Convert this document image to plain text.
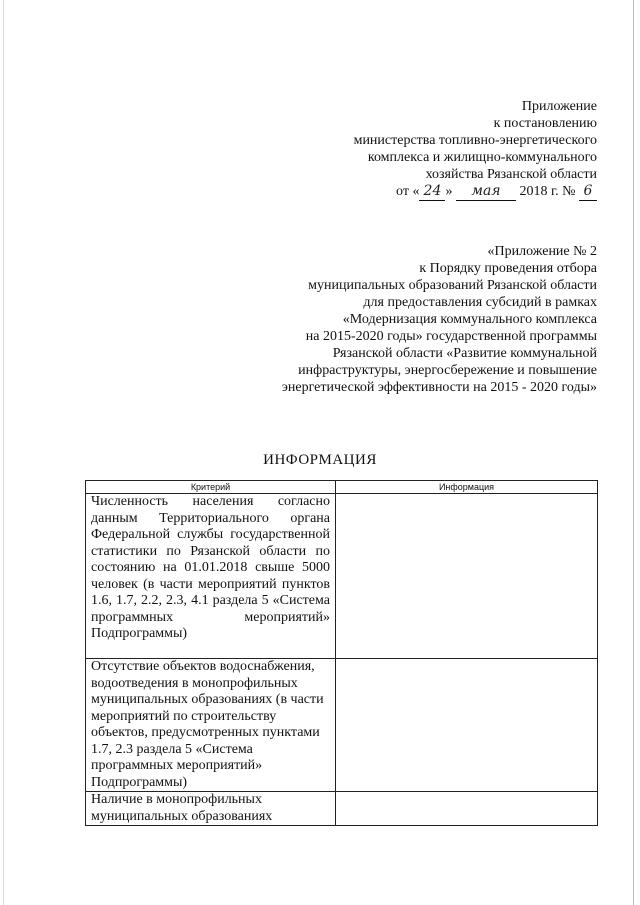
Приложение
к постановлению
министерства топливно-энергетического
комплекса и жилищно-коммунального
хозяйства Рязанской области
от « 24 » мая 2018 г. № 6
«Приложение № 2
к Порядку проведения отбора
муниципальных образований Рязанской области
для предоставления субсидий в рамках
«Модернизация коммунального комплекса
на 2015-2020 годы» государственной программы
Рязанской области «Развитие коммунальной
инфраструктуры, энергосбережение и повышение
энергетической эффективности на 2015 - 2020 годы»
ИНФОРМАЦИЯ
Критерий	Информация
Численность населения согласно данным Территориального органа Федеральной службы государственной статистики по Рязанской области по состоянию на 01.01.2018 свыше 5000 человек (в части мероприятий пунктов 1.6, 1.7, 2.2, 2.3, 4.1 раздела 5 «Система программных мероприятий» Подпрограммы)	
Отсутствие объектов водоснабжения, водоотведения в монопрофильных муниципальных образованиях (в части мероприятий по строительству объектов, предусмотренных пунктами 1.7, 2.3 раздела 5 «Система программных мероприятий» Подпрограммы)	
Наличие в монопрофильных муниципальных образованиях	
